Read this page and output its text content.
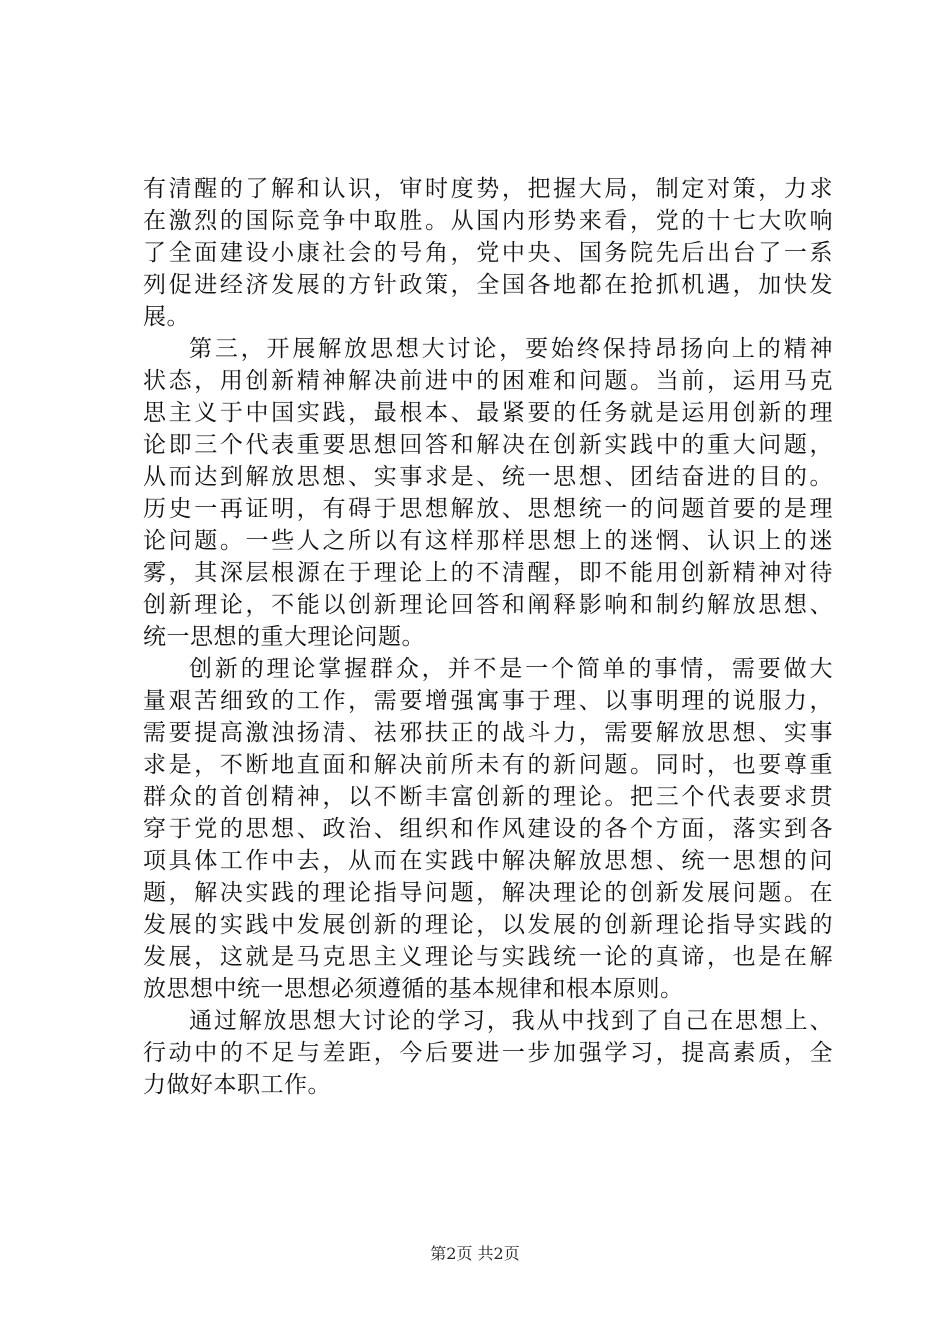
有清醒的了解和认识，审时度势，把握大局，制定对策，力求
在激烈的国际竞争中取胜。从国内形势来看，党的十七大吹响
了全面建设小康社会的号角，党中央、国务院先后出台了一系
列促进经济发展的方针政策，全国各地都在抢抓机遇，加快发
展。
第三，开展解放思想大讨论，要始终保持昂扬向上的精神
状态，用创新精神解决前进中的困难和问题。当前，运用马克
思主义于中国实践，最根本、最紧要的任务就是运用创新的理
论即三个代表重要思想回答和解决在创新实践中的重大问题，
从而达到解放思想、实事求是、统一思想、团结奋进的目的。
历史一再证明，有碍于思想解放、思想统一的问题首要的是理
论问题。一些人之所以有这样那样思想上的迷惘、认识上的迷
雾，其深层根源在于理论上的不清醒，即不能用创新精神对待
创新理论，不能以创新理论回答和阐释影响和制约解放思想、
统一思想的重大理论问题。
创新的理论掌握群众，并不是一个简单的事情，需要做大
量艰苦细致的工作，需要增强寓事于理、以事明理的说服力，
需要提高激浊扬清、祛邪扶正的战斗力，需要解放思想、实事
求是，不断地直面和解决前所未有的新问题。同时，也要尊重
群众的首创精神，以不断丰富创新的理论。把三个代表要求贯
穿于党的思想、政治、组织和作风建设的各个方面，落实到各
项具体工作中去，从而在实践中解决解放思想、统一思想的问
题，解决实践的理论指导问题，解决理论的创新发展问题。在
发展的实践中发展创新的理论，以发展的创新理论指导实践的
发展，这就是马克思主义理论与实践统一论的真谛，也是在解
放思想中统一思想必须遵循的基本规律和根本原则。
通过解放思想大讨论的学习，我从中找到了自己在思想上、
行动中的不足与差距，今后要进一步加强学习，提高素质，全
力做好本职工作。
第2页 共2页
